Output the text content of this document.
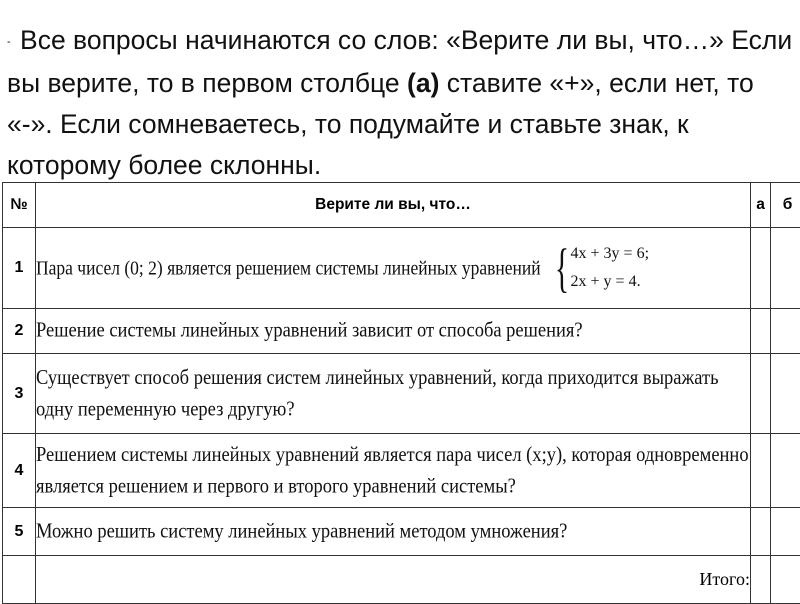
- Все вопросы начинаются со слов: «Верите ли вы, что…» Если вы верите, то в первом столбце (а) ставите «+», если нет, то «-». Если сомневаетесь, то подумайте и ставьте знак, к которому более склонны.
№	Верите ли вы, что…	а	б
1	Пара чисел (0; 2) является решением системы линейных уравнений { 4x + 3y = 6;
2x + y = 4.		

2	Решение системы линейных уравнений зависит от способа решения?		
3	Существует способ решения систем линейных уравнений, когда приходится выражать одну переменную через другую?		
4	Решением системы линейных уравнений является пара чисел (х;у), которая одновременно является решением и первого и второго уравнений системы?		
5	Можно решить систему линейных уравнений методом умножения?		
	Итого:		
